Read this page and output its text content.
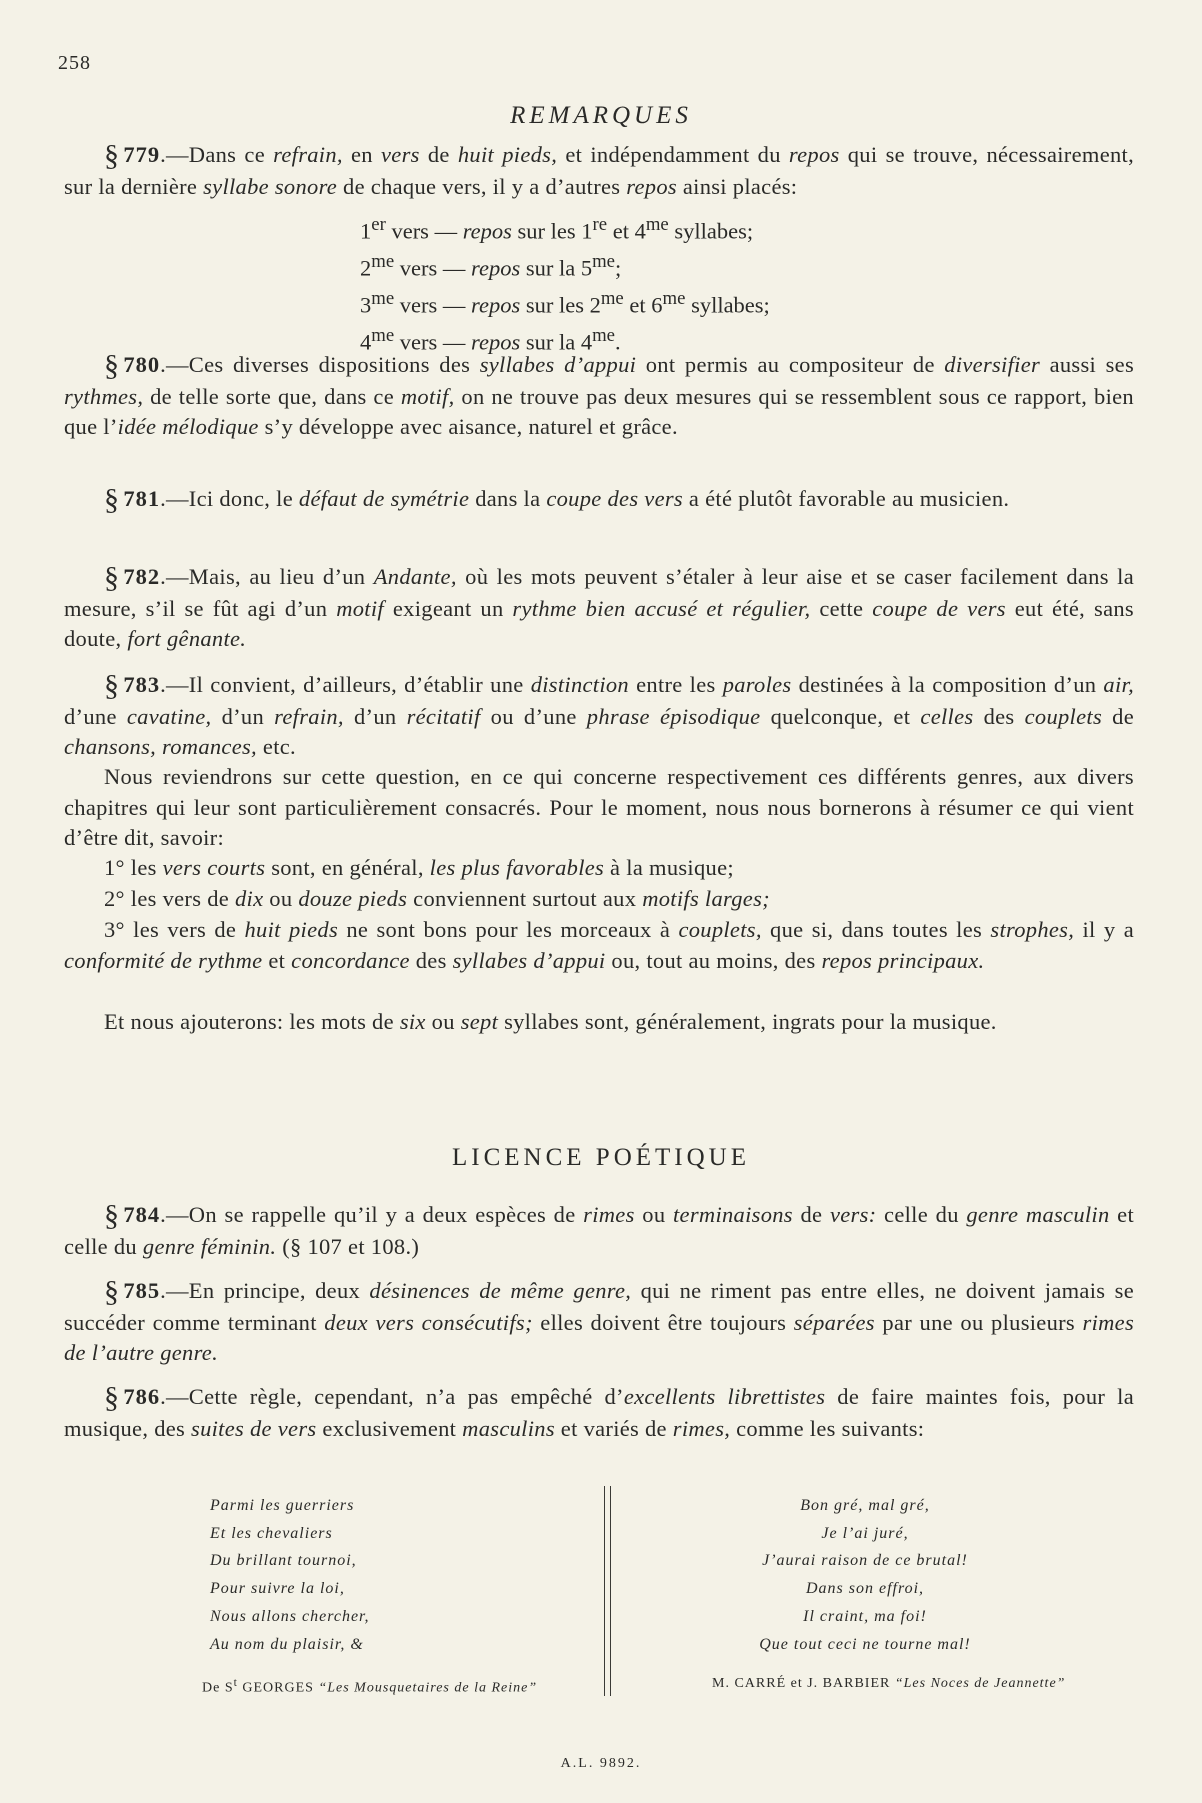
258
REMARQUES
§ 779.—Dans ce refrain, en vers de huit pieds, et indépendamment du repos qui se trouve, nécessairement, sur la dernière syllabe sonore de chaque vers, il y a d’autres repos ainsi placés:
1er vers — repos sur les 1re et $4^{me}$ syllabes;
$2^{me}$ vers — repos sur la $5^{me}$;
$3^{me}$ vers — repos sur les $2^{me}$ et $6^{me}$ syllabes;
$4^{me}$ vers — repos sur la $4^{me}$.
§ 780.—Ces diverses dispositions des syllabes d’appui ont permis au compositeur de diversifier aussi ses rythmes, de telle sorte que, dans ce motif, on ne trouve pas deux mesures qui se ressemblent sous ce rapport, bien que l’idée mélodique s’y développe avec aisance, naturel et grâce.
§ 781.—Ici donc, le défaut de symétrie dans la coupe des vers a été plutôt favorable au musicien.
§ 782.—Mais, au lieu d’un Andante, où les mots peuvent s’étaler à leur aise et se caser facilement dans la mesure, s’il se fût agi d’un motif exigeant un rythme bien accusé et régulier, cette coupe de vers eut été, sans doute, fort gênante.
§ 783.—Il convient, d’ailleurs, d’établir une distinction entre les paroles destinées à la composition d’un air, d’une cavatine, d’un refrain, d’un récitatif ou d’une phrase épisodique quelconque, et celles des couplets de chansons, romances, etc.
Nous reviendrons sur cette question, en ce qui concerne respectivement ces différents genres, aux divers chapitres qui leur sont particulièrement consacrés. Pour le moment, nous nous bornerons à résumer ce qui vient d’être dit, savoir:
1° les vers courts sont, en général, les plus favorables à la musique;
2° les vers de dix ou douze pieds conviennent surtout aux motifs larges;
3° les vers de huit pieds ne sont bons pour les morceaux à couplets, que si, dans toutes les strophes, il y a conformité de rythme et concordance des syllabes d’appui ou, tout au moins, des repos principaux.
Et nous ajouterons: les mots de six ou sept syllabes sont, généralement, ingrats pour la musique.
LICENCE POÉTIQUE
§ 784.—On se rappelle qu’il y a deux espèces de rimes ou terminaisons de vers: celle du genre masculin et celle du genre féminin. (§ 107 et 108.)
§ 785.—En principe, deux désinences de même genre, qui ne riment pas entre elles, ne doivent jamais se succéder comme terminant deux vers consécutifs; elles doivent être toujours séparées par une ou plusieurs rimes de l’autre genre.
§ 786.—Cette règle, cependant, n’a pas empêché d’excellents librettistes de faire maintes fois, pour la musique, des suites de vers exclusivement masculins et variés de rimes, comme les suivants:
Parmi les guerriers
Et les chevaliers
Du brillant tournoi,
Pour suivre la loi,
Nous allons chercher,
Au nom du plaisir, &
Bon gré, mal gré,
Je l’ai juré,
J’aurai raison de ce brutal!
Dans son effroi,
Il craint, ma foi!
Que tout ceci ne tourne mal!
De $S^t$ GEORGES “Les Mousquetaires de la Reine”	M. CARRÉ et J. BARBIER “Les Noces de Jeannette”
A.L. 9892.
